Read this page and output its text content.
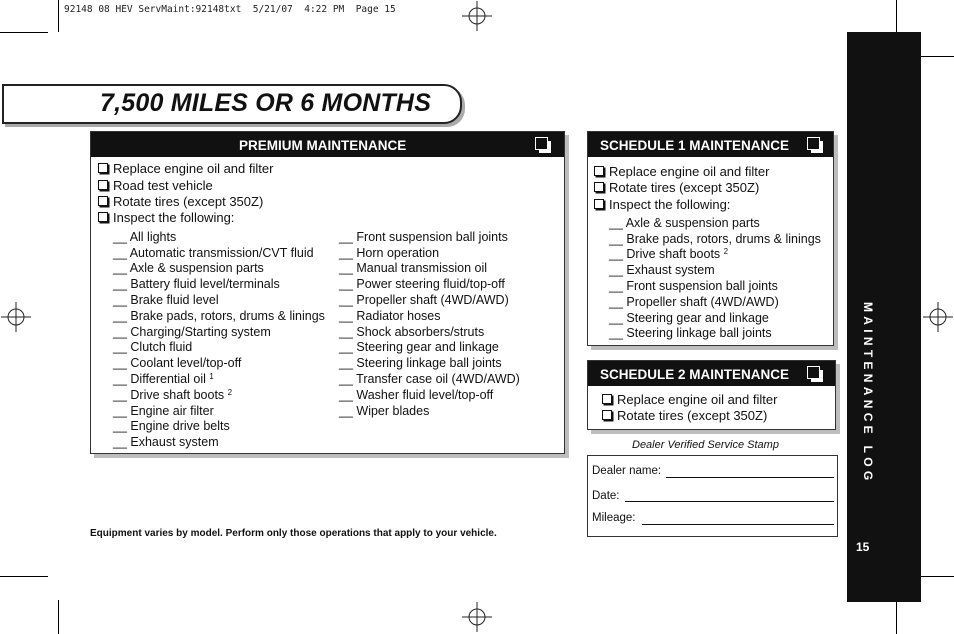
92148 08 HEV ServMaint:92148txt  5/21/07  4:22 PM  Page 15
7,500 MILES OR 6 MONTHS
PREMIUM MAINTENANCE
Replace engine oil and filter
Road test vehicle
Rotate tires (except 350Z)
Inspect the following:
__ All lights
__ Automatic transmission/CVT fluid
__ Axle & suspension parts
__ Battery fluid level/terminals
__ Brake fluid level
__ Brake pads, rotors, drums & linings
__ Charging/Starting system
__ Clutch fluid
__ Coolant level/top-off
__ Differential oil $^1$
__ Drive shaft boots $^2$
__ Engine air filter
__ Engine drive belts
__ Exhaust system
__ Front suspension ball joints
__ Horn operation
__ Manual transmission oil
__ Power steering fluid/top-off
__ Propeller shaft (4WD/AWD)
__ Radiator hoses
__ Shock absorbers/struts
__ Steering gear and linkage
__ Steering linkage ball joints
__ Transfer case oil (4WD/AWD)
__ Washer fluid level/top-off
__ Wiper blades
SCHEDULE 1 MAINTENANCE
Replace engine oil and filter
Rotate tires (except 350Z)
Inspect the following:
__ Axle & suspension parts
__ Brake pads, rotors, drums & linings
__ Drive shaft boots $^2$
__ Exhaust system
__ Front suspension ball joints
__ Propeller shaft (4WD/AWD)
__ Steering gear and linkage
__ Steering linkage ball joints
SCHEDULE 2 MAINTENANCE
Replace engine oil and filter
Rotate tires (except 350Z)
Dealer Verified Service Stamp
Dealer name:
Date:
Mileage:
Equipment varies by model. Perform only those operations that apply to your vehicle.
15
